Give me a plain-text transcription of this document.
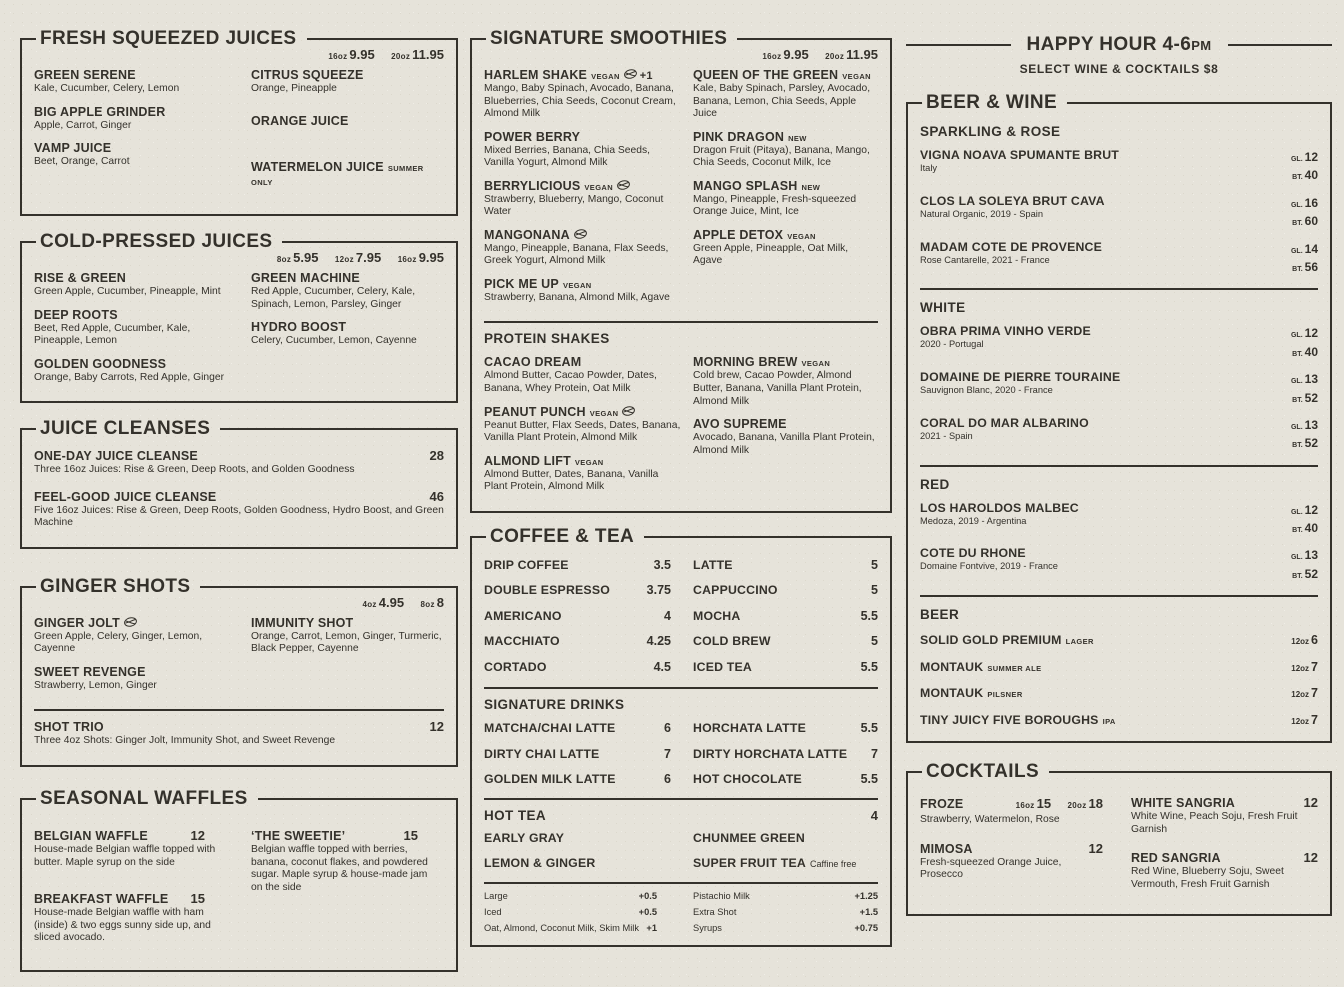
FRESH SQUEEZED JUICES
16oz 9.95 20oz 11.95
GREEN SERENE
Kale, Cucumber, Celery, Lemon
BIG APPLE GRINDER
Apple, Carrot, Ginger
VAMP JUICE
Beet, Orange, Carrot
CITRUS SQUEEZE
Orange, Pineapple
ORANGE JUICE
WATERMELON JUICE SUMMER ONLY
COLD-PRESSED JUICES
8oz 5.95 12oz 7.95 16oz 9.95
RISE & GREEN
Green Apple, Cucumber, Pineapple, Mint
DEEP ROOTS
Beet, Red Apple, Cucumber, Kale, Pineapple, Lemon
GOLDEN GOODNESS
Orange, Baby Carrots, Red Apple, Ginger
GREEN MACHINE
Red Apple, Cucumber, Celery, Kale, Spinach, Lemon, Parsley, Ginger
HYDRO BOOST
Celery, Cucumber, Lemon, Cayenne
JUICE CLEANSES
ONE-DAY JUICE CLEANSE	28
Three 16oz Juices: Rise & Green, Deep Roots, and Golden Goodness
FEEL-GOOD JUICE CLEANSE	46
Five 16oz Juices: Rise & Green, Deep Roots, Golden Goodness, Hydro Boost, and Green Machine
GINGER SHOTS
4oz 4.95 8oz 8
GINGER JOLT
Green Apple, Celery, Ginger, Lemon, Cayenne
SWEET REVENGE
Strawberry, Lemon, Ginger
IMMUNITY SHOT
Orange, Carrot, Lemon, Ginger, Turmeric, Black Pepper, Cayenne
SHOT TRIO	12
Three 4oz Shots: Ginger Jolt, Immunity Shot, and Sweet Revenge
SEASONAL WAFFLES
BELGIAN WAFFLE	12
House-made Belgian waffle topped with butter. Maple syrup on the side
BREAKFAST WAFFLE 15
House-made Belgian waffle with ham (inside) & two eggs sunny side up, and sliced avocado.
‘THE SWEETIE’	15
Belgian waffle topped with berries, banana, coconut flakes, and powdered sugar. Maple syrup & house-made jam on the side
SIGNATURE SMOOTHIES
16oz 9.95 20oz 11.95
HARLEM SHAKE VEGAN +1
Mango, Baby Spinach, Avocado, Banana, Blueberries, Chia Seeds, Coconut Cream, Almond Milk
POWER BERRY
Mixed Berries, Banana, Chia Seeds, Vanilla Yogurt, Almond Milk
BERRYLICIOUS VEGAN
Strawberry, Blueberry, Mango, Coconut Water
MANGONANA
Mango, Pineapple, Banana, Flax Seeds, Greek Yogurt, Almond Milk
PICK ME UP VEGAN
Strawberry, Banana, Almond Milk, Agave
QUEEN OF THE GREEN VEGAN
Kale, Baby Spinach, Parsley, Avocado, Banana, Lemon, Chia Seeds, Apple Juice
PINK DRAGON NEW
Dragon Fruit (Pitaya), Banana, Mango, Chia Seeds, Coconut Milk, Ice
MANGO SPLASH NEW
Mango, Pineapple, Fresh-squeezed Orange Juice, Mint, Ice
APPLE DETOX VEGAN
Green Apple, Pineapple, Oat Milk, Agave
PROTEIN SHAKES
CACAO DREAM
Almond Butter, Cacao Powder, Dates, Banana, Whey Protein, Oat Milk
PEANUT PUNCH VEGAN
Peanut Butter, Flax Seeds, Dates, Banana, Vanilla Plant Protein, Almond Milk
ALMOND LIFT VEGAN
Almond Butter, Dates, Banana, Vanilla Plant Protein, Almond Milk
MORNING BREW VEGAN
Cold brew, Cacao Powder, Almond Butter, Banana, Vanilla Plant Protein, Almond Milk
AVO SUPREME
Avocado, Banana, Vanilla Plant Protein, Almond Milk
COFFEE & TEA
DRIP COFFEE	3.5
DOUBLE ESPRESSO	3.75
AMERICANO	4
MACCHIATO	4.25
CORTADO	4.5
LATTE	5
CAPPUCCINO	5
MOCHA	5.5
COLD BREW	5
ICED TEA	5.5
SIGNATURE DRINKS
MATCHA/CHAI LATTE	6
DIRTY CHAI LATTE	7
GOLDEN MILK LATTE	6
HORCHATA LATTE	5.5
DIRTY HORCHATA LATTE 7
HOT CHOCOLATE	5.5
HOT TEA	4
EARLY GRAY
LEMON & GINGER
CHUNMEE GREEN
SUPER FRUIT TEA Caffine free
Large	+0.5
Iced	+0.5
Oat, Almond, Coconut Milk, Skim Milk +1
Pistachio Milk	+1.25
Extra Shot	+1.5
Syrups	+0.75
HAPPY HOUR 4-6PM
SELECT WINE & COCKTAILS $8
BEER & WINE
SPARKLING & ROSE
VIGNA NOAVA SPUMANTE BRUT
Italy
GL. 12
BT. 40
CLOS LA SOLEYA BRUT CAVA
Natural Organic, 2019 - Spain
GL. 16
BT. 60
MADAM COTE DE PROVENCE
Rose Cantarelle, 2021 - France
GL. 14
BT. 56
WHITE
OBRA PRIMA VINHO VERDE
2020 - Portugal
GL. 12
BT. 40
DOMAINE DE PIERRE TOURAINE
Sauvignon Blanc, 2020 - France
GL. 13
BT. 52
CORAL DO MAR ALBARINO
2021 - Spain
GL. 13
BT. 52
RED
LOS HAROLDOS MALBEC
Medoza, 2019 - Argentina
GL. 12
BT. 40
COTE DU RHONE
Domaine Fontvive, 2019 - France
GL. 13
BT. 52
BEER
SOLID GOLD PREMIUM LAGER	12oz 6
MONTAUK SUMMER ALE	12oz 7
MONTAUK PILSNER	12oz 7
TINY JUICY FIVE BOROUGHS IPA	12oz 7
COCKTAILS
FROZE	16oz 15 20oz 18
Strawberry, Watermelon, Rose
MIMOSA	12
Fresh-squeezed Orange Juice, Prosecco
WHITE SANGRIA	12
White Wine, Peach Soju, Fresh Fruit Garnish
RED SANGRIA	12
Red Wine, Blueberry Soju, Sweet Vermouth, Fresh Fruit Garnish
